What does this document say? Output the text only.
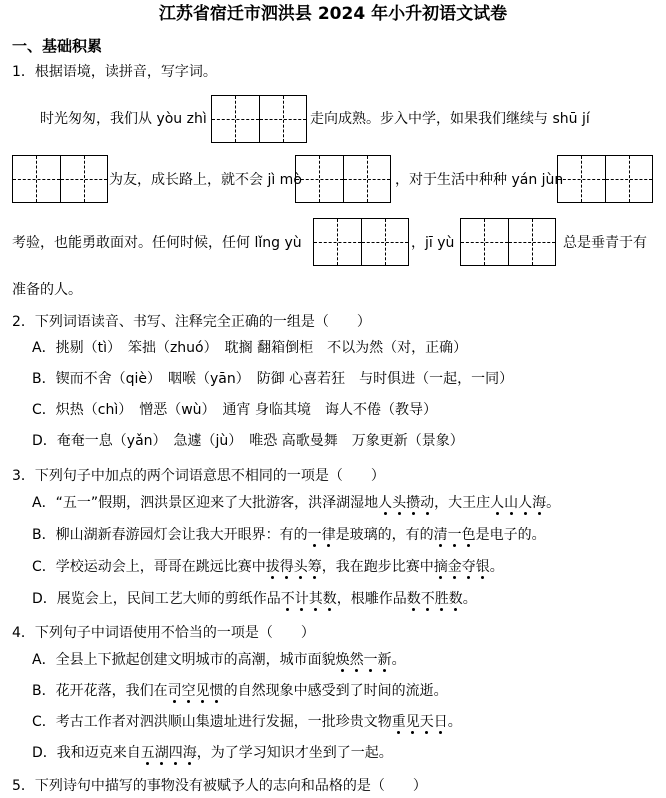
江苏省宿迁市泗洪县 2024 年小升初语文试卷
一、基础积累
1．根据语境，读拼音，写字词。
时光匆匆，我们从 yòu zhì	走向成熟。步入中学，如果我们继续与 shū jí
为友，成长路上，就不会 jì mò	，对于生活中种种 yán jùn
考验，也能勇敢面对。任何时候，任何 lǐng yù	，jī yù	总是垂青于有
准备的人。
2．下列词语读音、书写、注释完全正确的一组是（　　）
A．挑剔（tì）　笨拙（zhuó）　耽搁 翻箱倒柜　不以为然（对，正确）
B．锲而不舍（qiè）　咽喉（yān）　防御 心喜若狂　与时俱进（一起，一同）
C．炽热（chì）　憎恶（wù）　通宵 身临其境　诲人不倦（教导）
D．奄奄一息（yǎn）　急遽（jù）　唯恐 高歌曼舞　万象更新（景象）
3．下列句子中加点的两个词语意思不相同的一项是（　　）
A．“五一”假期，泗洪景区迎来了大批游客，洪泽湖湿地人头攒动，大王庄人山人海。
B．柳山湖新春游园灯会让我大开眼界：有的一律是玻璃的，有的清一色是电子的。
C．学校运动会上，哥哥在跳远比赛中拔得头筹，我在跑步比赛中摘金夺银。
D．展览会上，民间工艺大师的剪纸作品不计其数，根雕作品数不胜数。
4．下列句子中词语使用不恰当的一项是（　　）
A．全县上下掀起创建文明城市的高潮，城市面貌焕然一新。
B．花开花落，我们在司空见惯的自然现象中感受到了时间的流逝。
C．考古工作者对泗洪顺山集遗址进行发掘，一批珍贵文物重见天日。
D．我和迈克来自五湖四海，为了学习知识才坐到了一起。
5．下列诗句中描写的事物没有被赋予人的志向和品格的是（　　）
